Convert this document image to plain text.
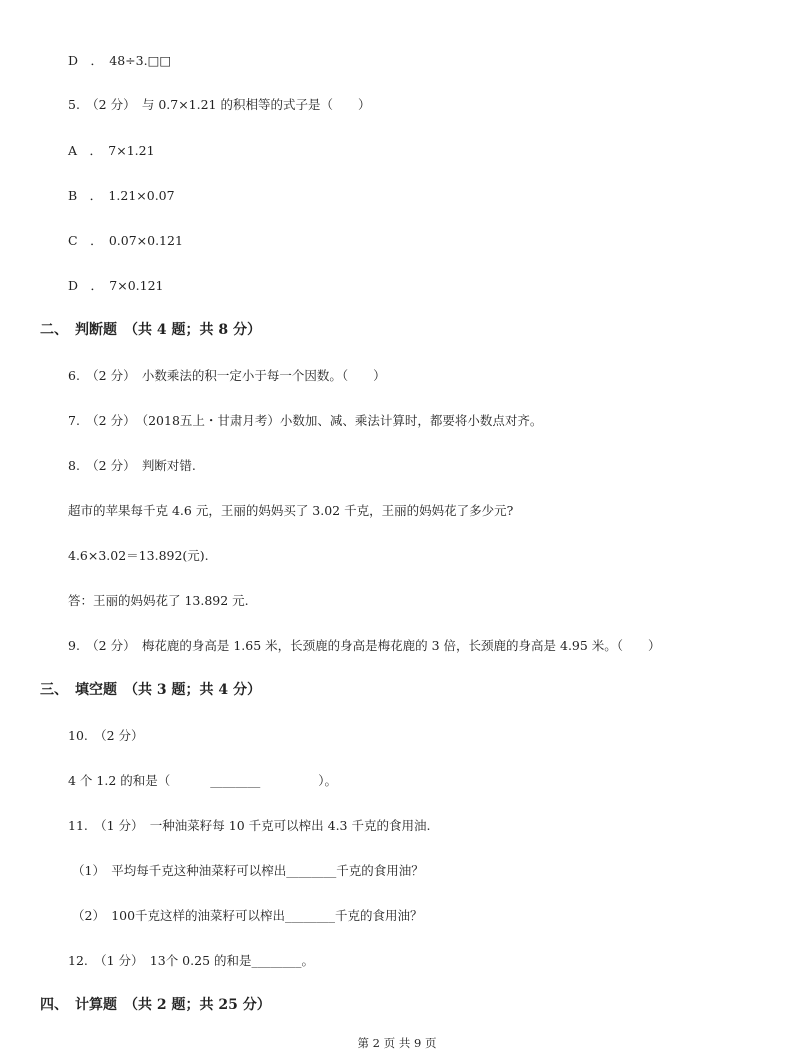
D　．　48÷3.□□
5.　（2 分）　与 0.7×1.21 的积相等的式子是（　　）
A　．　7×1.21
B　．　1.21×0.07
C　．　0.07×0.121
D　．　7×0.121
二、　判断题　（共 4 题；共 8 分）
6.　（2 分）　小数乘法的积一定小于每一个因数。（　　）
7.　（2 分）　（2018五上・甘肃月考）小数加、减、乘法计算时，都要将小数点对齐。
8.　（2 分）　判断对错.
超市的苹果每千克 4.6 元，王丽的妈妈买了 3.02 千克，王丽的妈妈花了多少元?
4.6×3.02＝13.892(元).
答：王丽的妈妈花了 13.892 元.
9.　（2 分）　梅花鹿的身高是 1.65 米，长颈鹿的身高是梅花鹿的 3 倍，长颈鹿的身高是 4.95 米。（　　）
三、　填空题　（共 3 题；共 4 分）
10.　（2 分）
4 个 1.2 的和是（	________	）。
11.　（1 分）　一种油菜籽每 10 千克可以榨出 4.3 千克的食用油.
（1）　平均每千克这种油菜籽可以榨出________千克的食用油？
（2）　100千克这样的油菜籽可以榨出________千克的食用油？
12.　（1 分）　13个 0.25 的和是________。
四、　计算题　（共 2 题；共 25 分）
第 2 页 共 9 页
